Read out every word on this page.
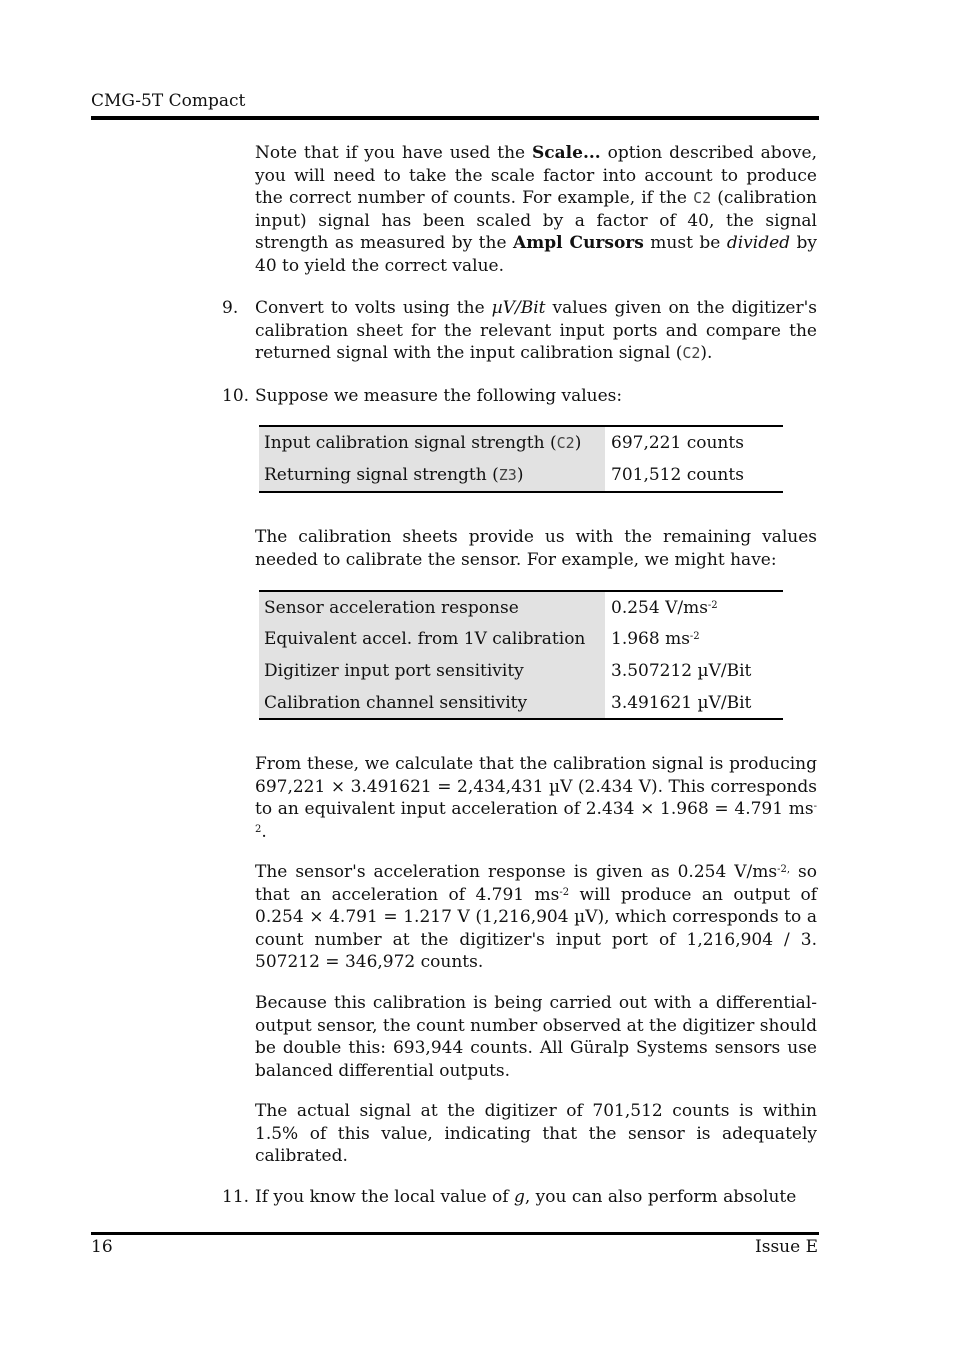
CMG-5T Compact

Note that if you have used the Scale... option described above, you will need to take the scale factor into account to produce the correct number of counts. For example, if the C2 (calibration input) signal has been scaled by a factor of 40, the signal strength as measured by the Ampl Cursors must be divided by 40 to yield the correct value.

9. Convert to volts using the µV/Bit values given on the digitizer's calibration sheet for the relevant input ports and compare the returned signal with the input calibration signal (C2).

10. Suppose we measure the following values:

Input calibration signal strength (C2)	697,221 counts
Returning signal strength (Z3)	701,512 counts

The calibration sheets provide us with the remaining values needed to calibrate the sensor. For example, we might have:

Sensor acceleration response	0.254 $V/ms^{-2}$
Equivalent accel. from 1V calibration	1.968 $ms^{-2}$
Digitizer input port sensitivity	3.507212 µV/Bit
Calibration channel sensitivity	3.491621 µV/Bit

From these, we calculate that the calibration signal is producing 697,221 × 3.491621 = 2,434,431 µV (2.434 V). This corresponds to an equivalent input acceleration of 2.434 × 1.968 = 4.791 $ms^{-2}$.

The sensor's acceleration response is given as 0.254 $V/ms^{-2,}$ so that an acceleration of 4.791 $ms^{-2}$ will produce an output of 0.254 × 4.791 = 1.217 V (1,216,904 µV), which corresponds to a count number at the digitizer's input port of 1,216,904 / 3. 507212 = 346,972 counts.

Because this calibration is being carried out with a differential-output sensor, the count number observed at the digitizer should be double this: 693,944 counts. All Güralp Systems sensors use balanced differential outputs.

The actual signal at the digitizer of 701,512 counts is within 1.5% of this value, indicating that the sensor is adequately calibrated.

11. If you know the local value of g, you can also perform absolute

16	Issue E
